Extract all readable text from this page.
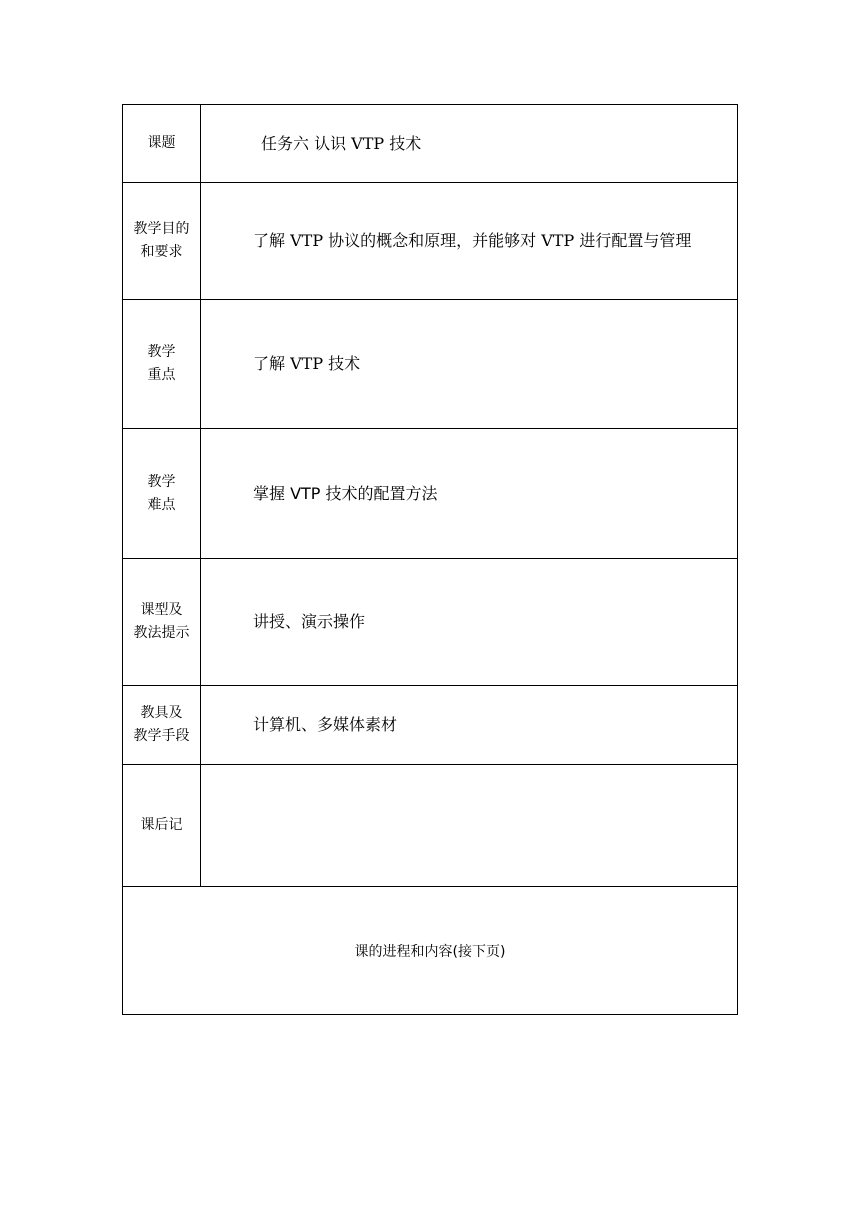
课题	任务六 认识 VTP 技术
教学目的
和要求	了解 VTP 协议的概念和原理，并能够对 VTP 进行配置与管理
教学
重点	了解 VTP 技术
教学
难点	掌握 VTP 技术的配置方法
课型及
教法提示	讲授、演示操作
教具及
教学手段	计算机、多媒体素材
课后记	
课的进程和内容(接下页)	
